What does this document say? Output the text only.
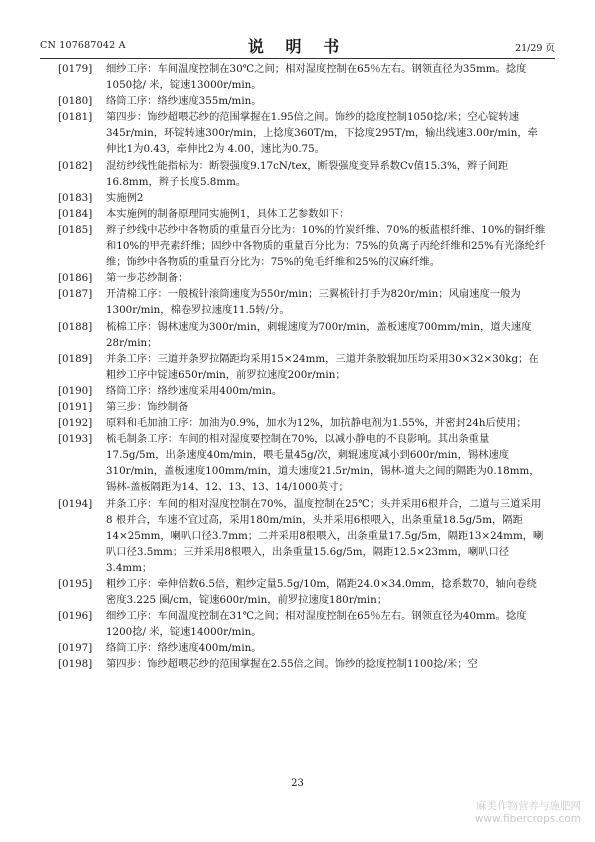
CN 107687042 A	说 明 书	21/29 页
[0179]	细纱工序：车间温度控制在30℃之间；相对湿度控制在65％左右。钢领直径为35mm。捻度1050捻/ 米，锭速13000r/min。
[0180]	络筒工序：络纱速度355m/min。
[0181]	第四步：饰纱超喂芯纱的范围掌握在1.95倍之间。饰纱的捻度控制1050捻/米；空心锭转速345r/min，环锭转速300r/min，上捻度360T/m，下捻度295T/m，输出线速3.00r/min，牵伸比1为0.43，牵伸比2为 4.00，速比为0.75。
[0182]	混纺纱线性能指标为：断裂强度9.17cN/tex，断裂强度变异系数Cv值15.3%，辫子间距16.8mm，辫子长度5.8mm。
[0183]	实施例2
[0184]	本实施例的制备原理同实施例1，具体工艺参数如下：
[0185]	辫子纱线中芯纱中各物质的重量百分比为：10%的竹炭纤维、70%的板蓝根纤维、10%的铜纤维和10%的甲壳素纤维；固纱中各物质的重量百分比为：75%的负离子丙纶纤维和25%有光涤纶纤维；饰纱中各物质的重量百分比为：75%的兔毛纤维和25%的汉麻纤维。
[0186]	第一步芯纱制备：
[0187]	开清棉工序：一般梳针滚筒速度为550r/min；三翼梳针打手为820r/min；风扇速度一般为1300r/min，棉卷罗拉速度11.5转/分。
[0188]	梳棉工序：锡林速度为300r/min，刺辊速度为700r/min，盖板速度700mm/min，道夫速度28r/min；
[0189]	并条工序：三道并条罗拉隔距均采用15×24mm，三道并条胶辊加压均采用30×32×30kg；在粗纱工序中锭速650r/min，前罗拉速度200r/min；
[0190]	络筒工序：络纱速度采用400m/min。
[0191]	第三步：饰纱制备
[0192]	原料和毛加油工序：加油为0.9%，加水为12%，加抗静电剂为1.55%，并密封24h后使用；
[0193]	梳毛制条工序：车间的相对湿度要控制在70%，以减小静电的不良影响。其出条重量17.5g/5m，出条速度40m/min，喂毛量45g/次，刺辊速度减小到600r/min，锡林速度310r/min，盖板速度100mm/min，道夫速度21.5r/min，锡林-道夫之间的隔距为0.18mm，锡林-盖板隔距为14、12、13、13、14/1000英寸；
[0194]	并条工序：车间的相对湿度控制在70%，温度控制在25℃；头并采用6根并合，二道与三道采用8 根并合，车速不宜过高，采用180m/min，头并采用6根喂入，出条重量18.5g/5m，隔距14×25mm，喇叭口径3.7mm；二并采用8根喂入，出条重量17.5g/5m，隔距13×24mm，喇叭口径3.5mm；三并采用8根喂入，出条重量15.6g/5m，隔距12.5×23mm，喇叭口径3.4mm；
[0195]	粗纱工序：牵伸倍数6.5倍，粗纱定量5.5g/10m，隔距24.0×34.0mm，捻系数70，轴向卷绕密度3.225 圈/cm，锭速600r/min，前罗拉速度180r/min；
[0196]	细纱工序：车间温度控制在31℃之间；相对湿度控制在65％左右。钢领直径为40mm。捻度1200捻/ 米，锭速14000r/min。
[0197]	络筒工序：络纱速度400m/min。
[0198]	第四步：饰纱超喂芯纱的范围掌握在2.55倍之间。饰纱的捻度控制1100捻/米；空
23
麻类作物营养与施肥网
www.fibercrops.com
